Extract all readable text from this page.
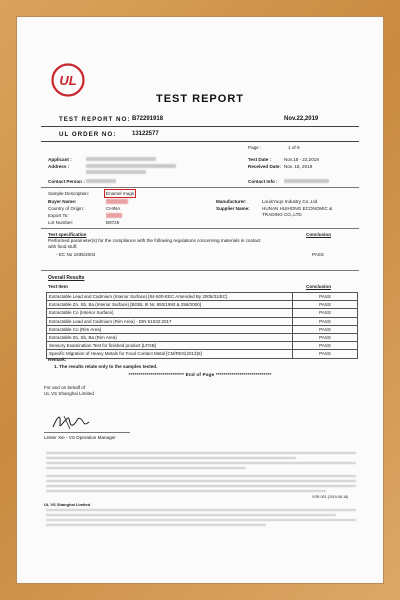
UL
TEST REPORT
TEST REPORT NO: B72291918	Nov.22,2019
UL ORDER NO:	13122577
Page :	1 of 9
Applicant :
Address :
Contact Person :
Test Date :	Nov.18 - 22,2019
Received Date: Nov. 18, 2019
Contact Info :
Sample Description:	Enamel mugs
Buyer Name:
Country of Origin:	CHINA
Export To:
Lot Number:	B9725
Manufacturer:	LouisYuqo Industry Co.,Ltd
Supplier Name:	HUNAN HUIHONG ECONOMIC &
TRADING CO.,LTD
Test specification	Conclusion
Performed parameter(s) for the compliance with the following regulations concerning materials in contact
with food stuff.
- EC No 1935/2004	PASS
Overall Results
Test Item	Conclusion
Extractable Lead and Cadmium (Interior Surface) [84-500-EEC Amended By 2005/31/EC]	PASS
Extractable Zn, Sb, Ba (Interior Surface) [BGBL III Nr. 893/1993 & 259/2000]	PASS
Extractable Co (Interior Surface)	PASS
Extractable Lead and Cadmium (Rim Area) - DIN 51032:2017	PASS
Extractable Co (Rim Area)	PASS
Extractable Zn, Sb, Ba (Rim Area)	PASS
Sensory Examination Test for finished product [LFGB]	PASS
Specific Migration of Heavy Metals for Food Contact Metal [CM/RES(2013)9]	PASS
Remark:
1. The results relate only to the samples tested.
**************************** End of Page ****************************
For and on behalf of
UL VS Shanghai Limited
Lester Xie - VS Operation Manager
VSR-001 (2019-06-18)
UL VS Shanghai Limited
